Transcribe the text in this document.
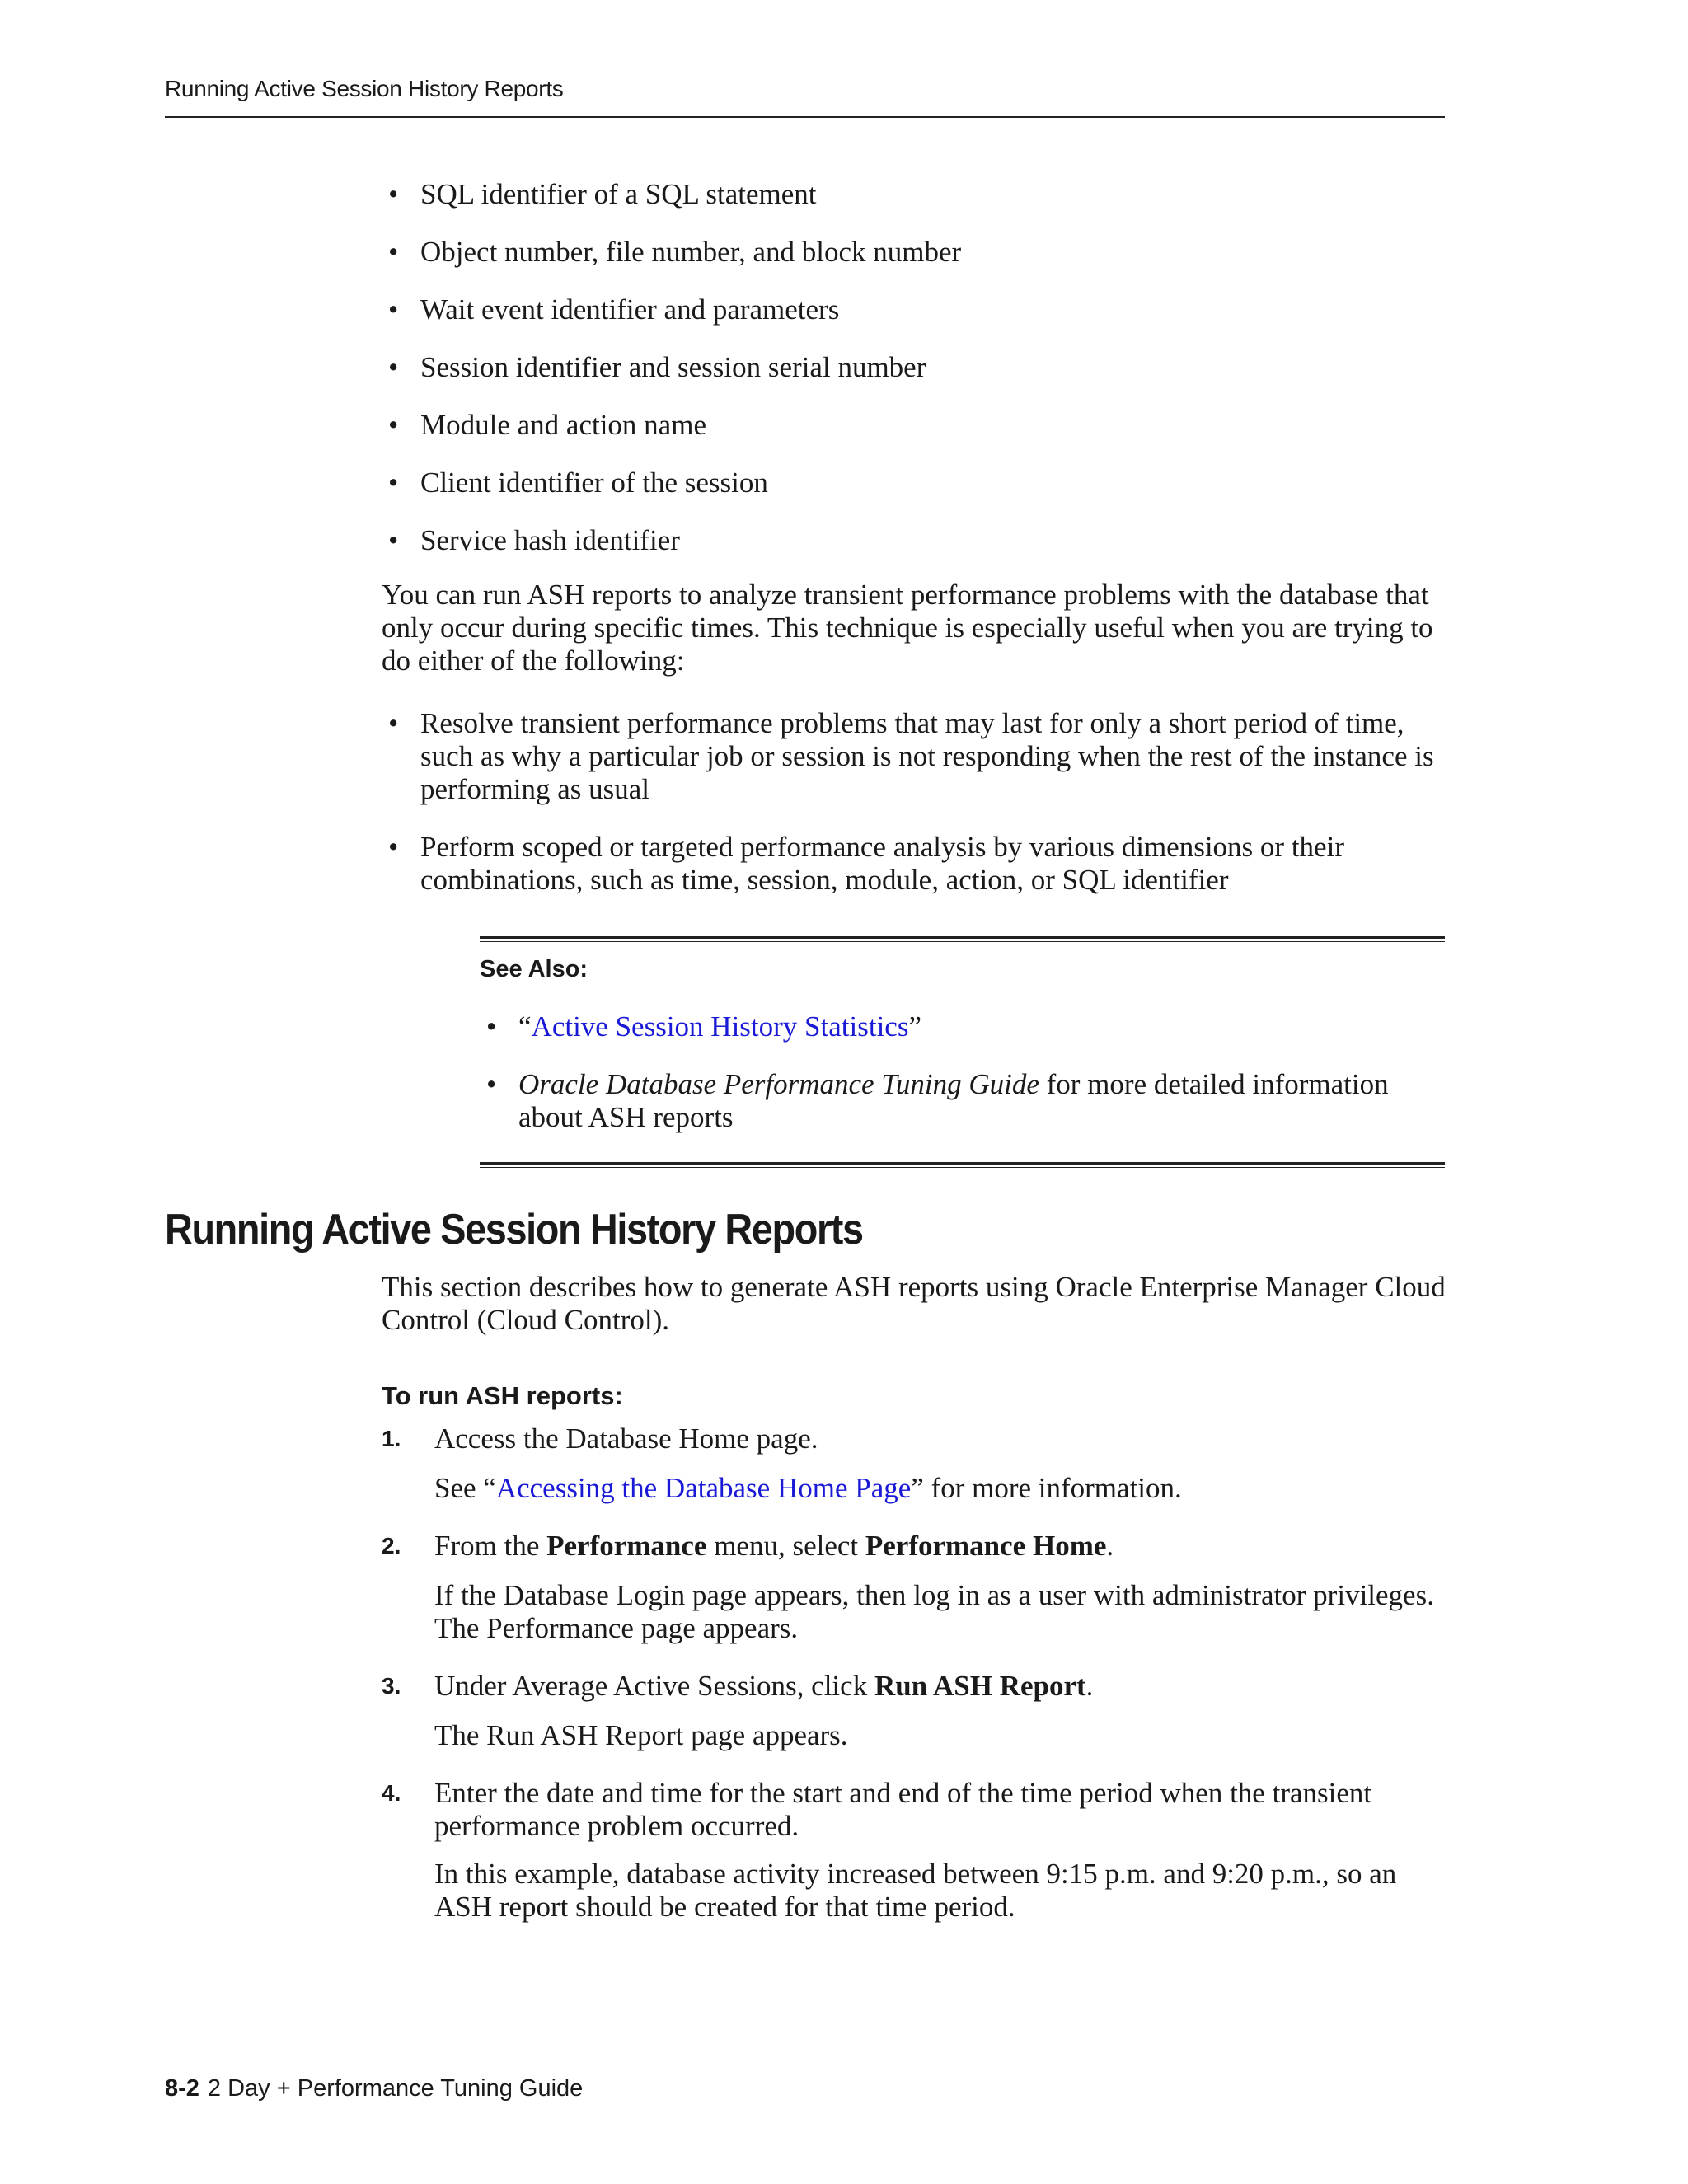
Running Active Session History Reports
• SQL identifier of a SQL statement
• Object number, file number, and block number
• Wait event identifier and parameters
• Session identifier and session serial number
• Module and action name
• Client identifier of the session
• Service hash identifier
You can run ASH reports to analyze transient performance problems with the database that only occur during specific times. This technique is especially useful when you are trying to do either of the following:
• Resolve transient performance problems that may last for only a short period of time, such as why a particular job or session is not responding when the rest of the instance is performing as usual
• Perform scoped or targeted performance analysis by various dimensions or their combinations, such as time, session, module, action, or SQL identifier
See Also:
• “Active Session History Statistics”
• Oracle Database Performance Tuning Guide for more detailed information about ASH reports
Running Active Session History Reports
This section describes how to generate ASH reports using Oracle Enterprise Manager Cloud Control (Cloud Control).
To run ASH reports:
1. Access the Database Home page.
See “Accessing the Database Home Page” for more information.
2. From the Performance menu, select Performance Home.
If the Database Login page appears, then log in as a user with administrator privileges. The Performance page appears.
3. Under Average Active Sessions, click Run ASH Report.
The Run ASH Report page appears.
4. Enter the date and time for the start and end of the time period when the transient performance problem occurred.
In this example, database activity increased between 9:15 p.m. and 9:20 p.m., so an ASH report should be created for that time period.
8-2 2 Day + Performance Tuning Guide
